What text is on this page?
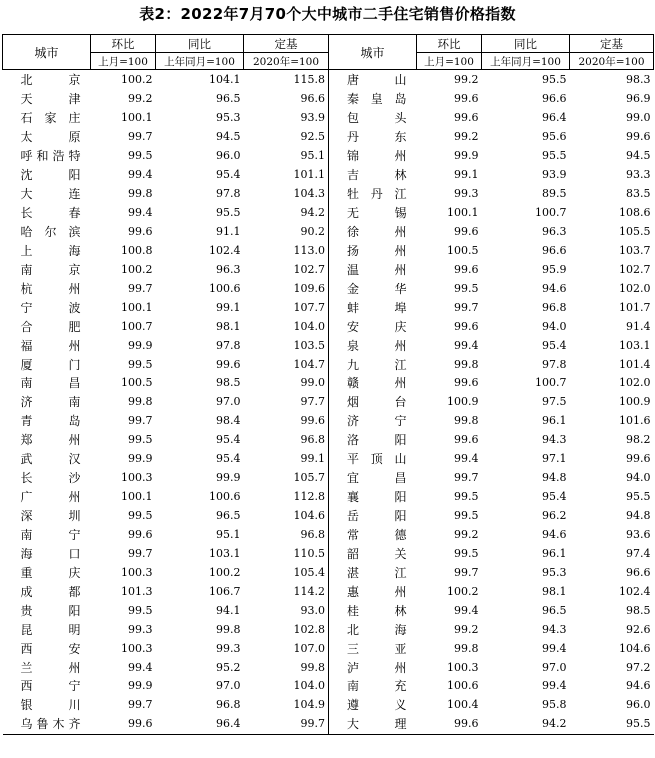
表2：2022年7月70个大中城市二手住宅销售价格指数
城市	环比	同比	定基	城市	环比	同比	定基
	上月=100	上年同月=100	2020年=100		上月=100	上年同月=100	2020年=100
北京	100.2	104.1	115.8	唐山	99.2	95.5	98.3
天津	99.2	96.5	96.6	秦皇岛	99.6	96.6	96.9
石家庄	100.1	95.3	93.9	包头	99.6	96.4	99.0
太原	99.7	94.5	92.5	丹东	99.2	95.6	99.6
呼和浩特	99.5	96.0	95.1	锦州	99.9	95.5	94.5
沈阳	99.4	95.4	101.1	吉林	99.1	93.9	93.3
大连	99.8	97.8	104.3	牡丹江	99.3	89.5	83.5
长春	99.4	95.5	94.2	无锡	100.1	100.7	108.6
哈尔滨	99.6	91.1	90.2	徐州	99.6	96.3	105.5
上海	100.8	102.4	113.0	扬州	100.5	96.6	103.7
南京	100.2	96.3	102.7	温州	99.6	95.9	102.7
杭州	99.7	100.6	109.6	金华	99.5	94.6	102.0
宁波	100.1	99.1	107.7	蚌埠	99.7	96.8	101.7
合肥	100.7	98.1	104.0	安庆	99.6	94.0	91.4
福州	99.9	97.8	103.5	泉州	99.4	95.4	103.1
厦门	99.5	99.6	104.7	九江	99.8	97.8	101.4
南昌	100.5	98.5	99.0	赣州	99.6	100.7	102.0
济南	99.8	97.0	97.7	烟台	100.9	97.5	100.9
青岛	99.7	98.4	99.6	济宁	99.8	96.1	101.6
郑州	99.5	95.4	96.8	洛阳	99.6	94.3	98.2
武汉	99.9	95.4	99.1	平顶山	99.4	97.1	99.6
长沙	100.3	99.9	105.7	宜昌	99.7	94.8	94.0
广州	100.1	100.6	112.8	襄阳	99.5	95.4	95.5
深圳	99.5	96.5	104.6	岳阳	99.5	96.2	94.8
南宁	99.6	95.1	96.8	常德	99.2	94.6	93.6
海口	99.7	103.1	110.5	韶关	99.5	96.1	97.4
重庆	100.3	100.2	105.4	湛江	99.7	95.3	96.6
成都	101.3	106.7	114.2	惠州	100.2	98.1	102.4
贵阳	99.5	94.1	93.0	桂林	99.4	96.5	98.5
昆明	99.3	99.8	102.8	北海	99.2	94.3	92.6
西安	100.3	99.3	107.0	三亚	99.8	99.4	104.6
兰州	99.4	95.2	99.8	泸州	100.3	97.0	97.2
西宁	99.9	97.0	104.0	南充	100.6	99.4	94.6
银川	99.7	96.8	104.9	遵义	100.4	95.8	96.0
乌鲁木齐	99.6	96.4	99.7	大理	99.6	94.2	95.5
